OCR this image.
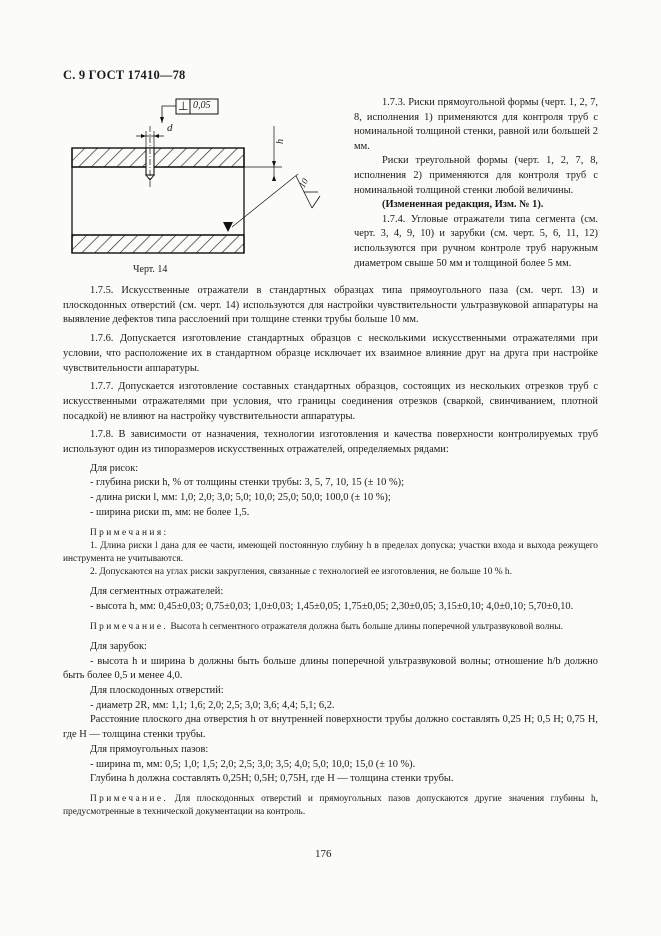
С. 9 ГОСТ 17410—78
⊥ 0,05
d
h
10
Черт. 14

1.7.3. Риски прямоугольной формы (черт. 1, 2, 7, 8, исполнения 1) применяются для контроля труб с номинальной толщиной стенки, равной или большей 2 мм.

Риски треугольной формы (черт. 1, 2, 7, 8, исполнения 2) применяются для контроля труб с номинальной толщиной стенки любой величины.

(Измененная редакция, Изм. № 1).

1.7.4. Угловые отражатели типа сегмента (см. черт. 3, 4, 9, 10) и зарубки (см. черт. 5, 6, 11, 12) используются при ручном контроле труб наружным диаметром свыше 50 мм и толщиной более 5 мм.

1.7.5. Искусственные отражатели в стандартных образцах типа прямоугольного паза (см. черт. 13) и плоскодонных отверстий (см. черт. 14) используются для настройки чувствительности ультразвуковой аппаратуры на выявление дефектов типа расслоений при толщине стенки трубы больше 10 мм.

1.7.6. Допускается изготовление стандартных образцов с несколькими искусственными отражателями при условии, что расположение их в стандартном образце исключает их взаимное влияние друг на друга при настройке чувствительности аппаратуры.

1.7.7. Допускается изготовление составных стандартных образцов, состоящих из нескольких отрезков труб с искусственными отражателями при условия, что границы соединения отрезков (сваркой, свинчиванием, плотной посадкой) не влияют на настройку чувствительности аппаратуры.

1.7.8. В зависимости от назначения, технологии изготовления и качества поверхности контролируемых труб используют один из типоразмеров искусственных отражателей, определяемых рядами:

Для рисок:

- глубина риски h, % от толщины стенки трубы: 3, 5, 7, 10, 15 (± 10 %);

- длина риски l, мм: 1,0; 2,0; 3,0; 5,0; 10,0; 25,0; 50,0; 100,0 (± 10 %);

- ширина риски m, мм: не более 1,5.

Примечания:

1. Длина риски l дана для ее части, имеющей постоянную глубину h в пределах допуска; участки входа и выхода режущего инструмента не учитываются.

2. Допускаются на углах риски закругления, связанные с технологией ее изготовления, не больше 10 % h.

Для сегментных отражателей:

- высота h, мм: 0,45±0,03; 0,75±0,03; 1,0±0,03; 1,45±0,05; 1,75±0,05; 2,30±0,05; 3,15±0,10; 4,0±0,10; 5,70±0,10.

Примечание. Высота h сегментного отражателя должна быть больше длины поперечной ультразвуковой волны.

Для зарубок:

- высота h и ширина b должны быть больше длины поперечной ультразвуковой волны; отношение h/b должно быть более 0,5 и менее 4,0.

Для плоскодонных отверстий:

- диаметр 2R, мм: 1,1; 1,6; 2,0; 2,5; 3,0; 3,6; 4,4; 5,1; 6,2.

Расстояние плоского дна отверстия h от внутренней поверхности трубы должно составлять 0,25 H; 0,5 H; 0,75 H, где H — толщина стенки трубы.

Для прямоугольных пазов:

- ширина m, мм: 0,5; 1,0; 1,5; 2,0; 2,5; 3,0; 3,5; 4,0; 5,0; 10,0; 15,0 (± 10 %).

Глубина h должна составлять 0,25H; 0,5H; 0,75H, где H — толщина стенки трубы.

Примечание. Для плоскодонных отверстий и прямоугольных пазов допускаются другие значения глубины h, предусмотренные в технической документации на контроль.

176
